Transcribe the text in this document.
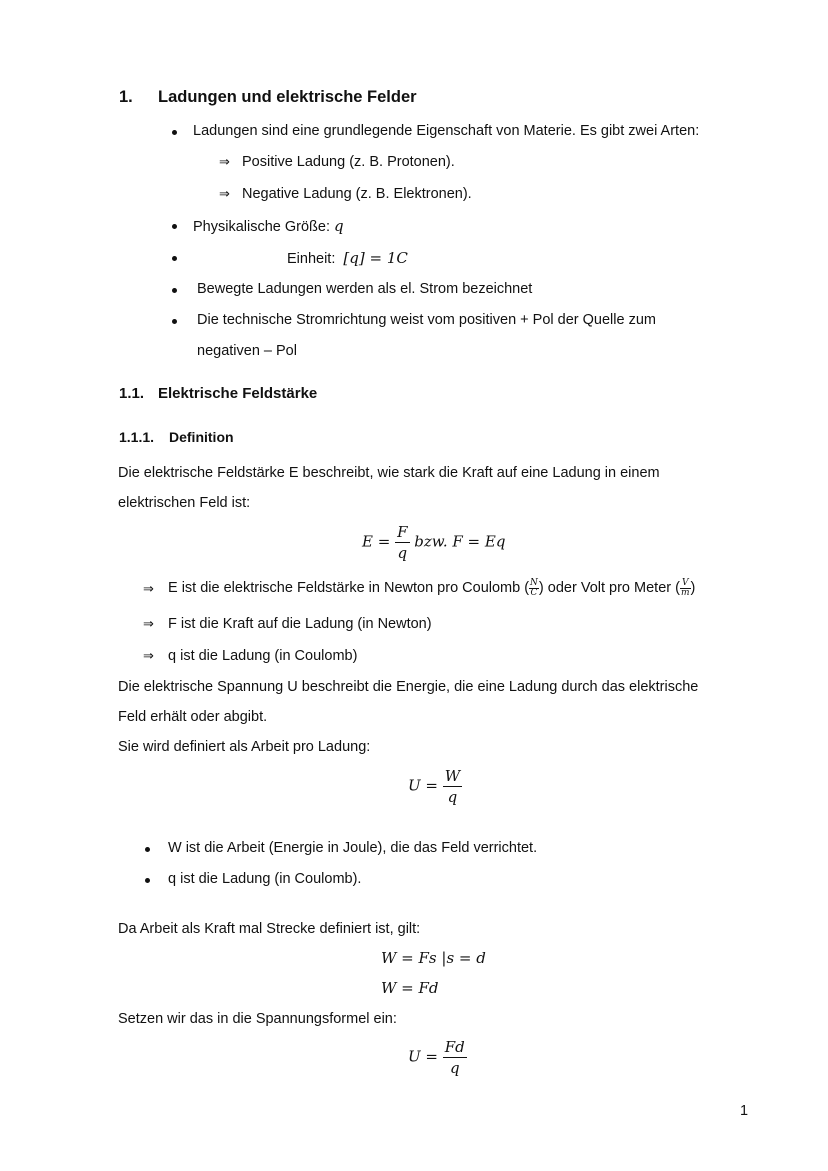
1. Ladungen und elektrische Felder
Ladungen sind eine grundlegende Eigenschaft von Materie. Es gibt zwei Arten:
⇒ Positive Ladung (z. B. Protonen).
⇒ Negative Ladung (z. B. Elektronen).
Physikalische Größe: q
Einheit: [q] = 1C
Bewegte Ladungen werden als el. Strom bezeichnet
Die technische Stromrichtung weist vom positiven + Pol der Quelle zum
negativen – Pol
1.1. Elektrische Feldstärke
1.1.1. Definition
Die elektrische Feldstärke E beschreibt, wie stark die Kraft auf eine Ladung in einem
elektrischen Feld ist:
$E = \frac{F}{q}$ bzw. F = Eq
⇒ E ist die elektrische Feldstärke in Newton pro Coulomb ( $\frac{N}{C}$ ) oder Volt pro Meter ( $\frac{V}{m}$ )
⇒ F ist die Kraft auf die Ladung (in Newton)
⇒ q ist die Ladung (in Coulomb)
Die elektrische Spannung U beschreibt die Energie, die eine Ladung durch das elektrische
Feld erhält oder abgibt.
Sie wird definiert als Arbeit pro Ladung:
$U = \frac{W}{q}$
W ist die Arbeit (Energie in Joule), die das Feld verrichtet.
q ist die Ladung (in Coulomb).
Da Arbeit als Kraft mal Strecke definiert ist, gilt:
W = Fs |s = d
W = Fd
Setzen wir das in die Spannungsformel ein:
$U = \frac{Fd}{q}$
1
